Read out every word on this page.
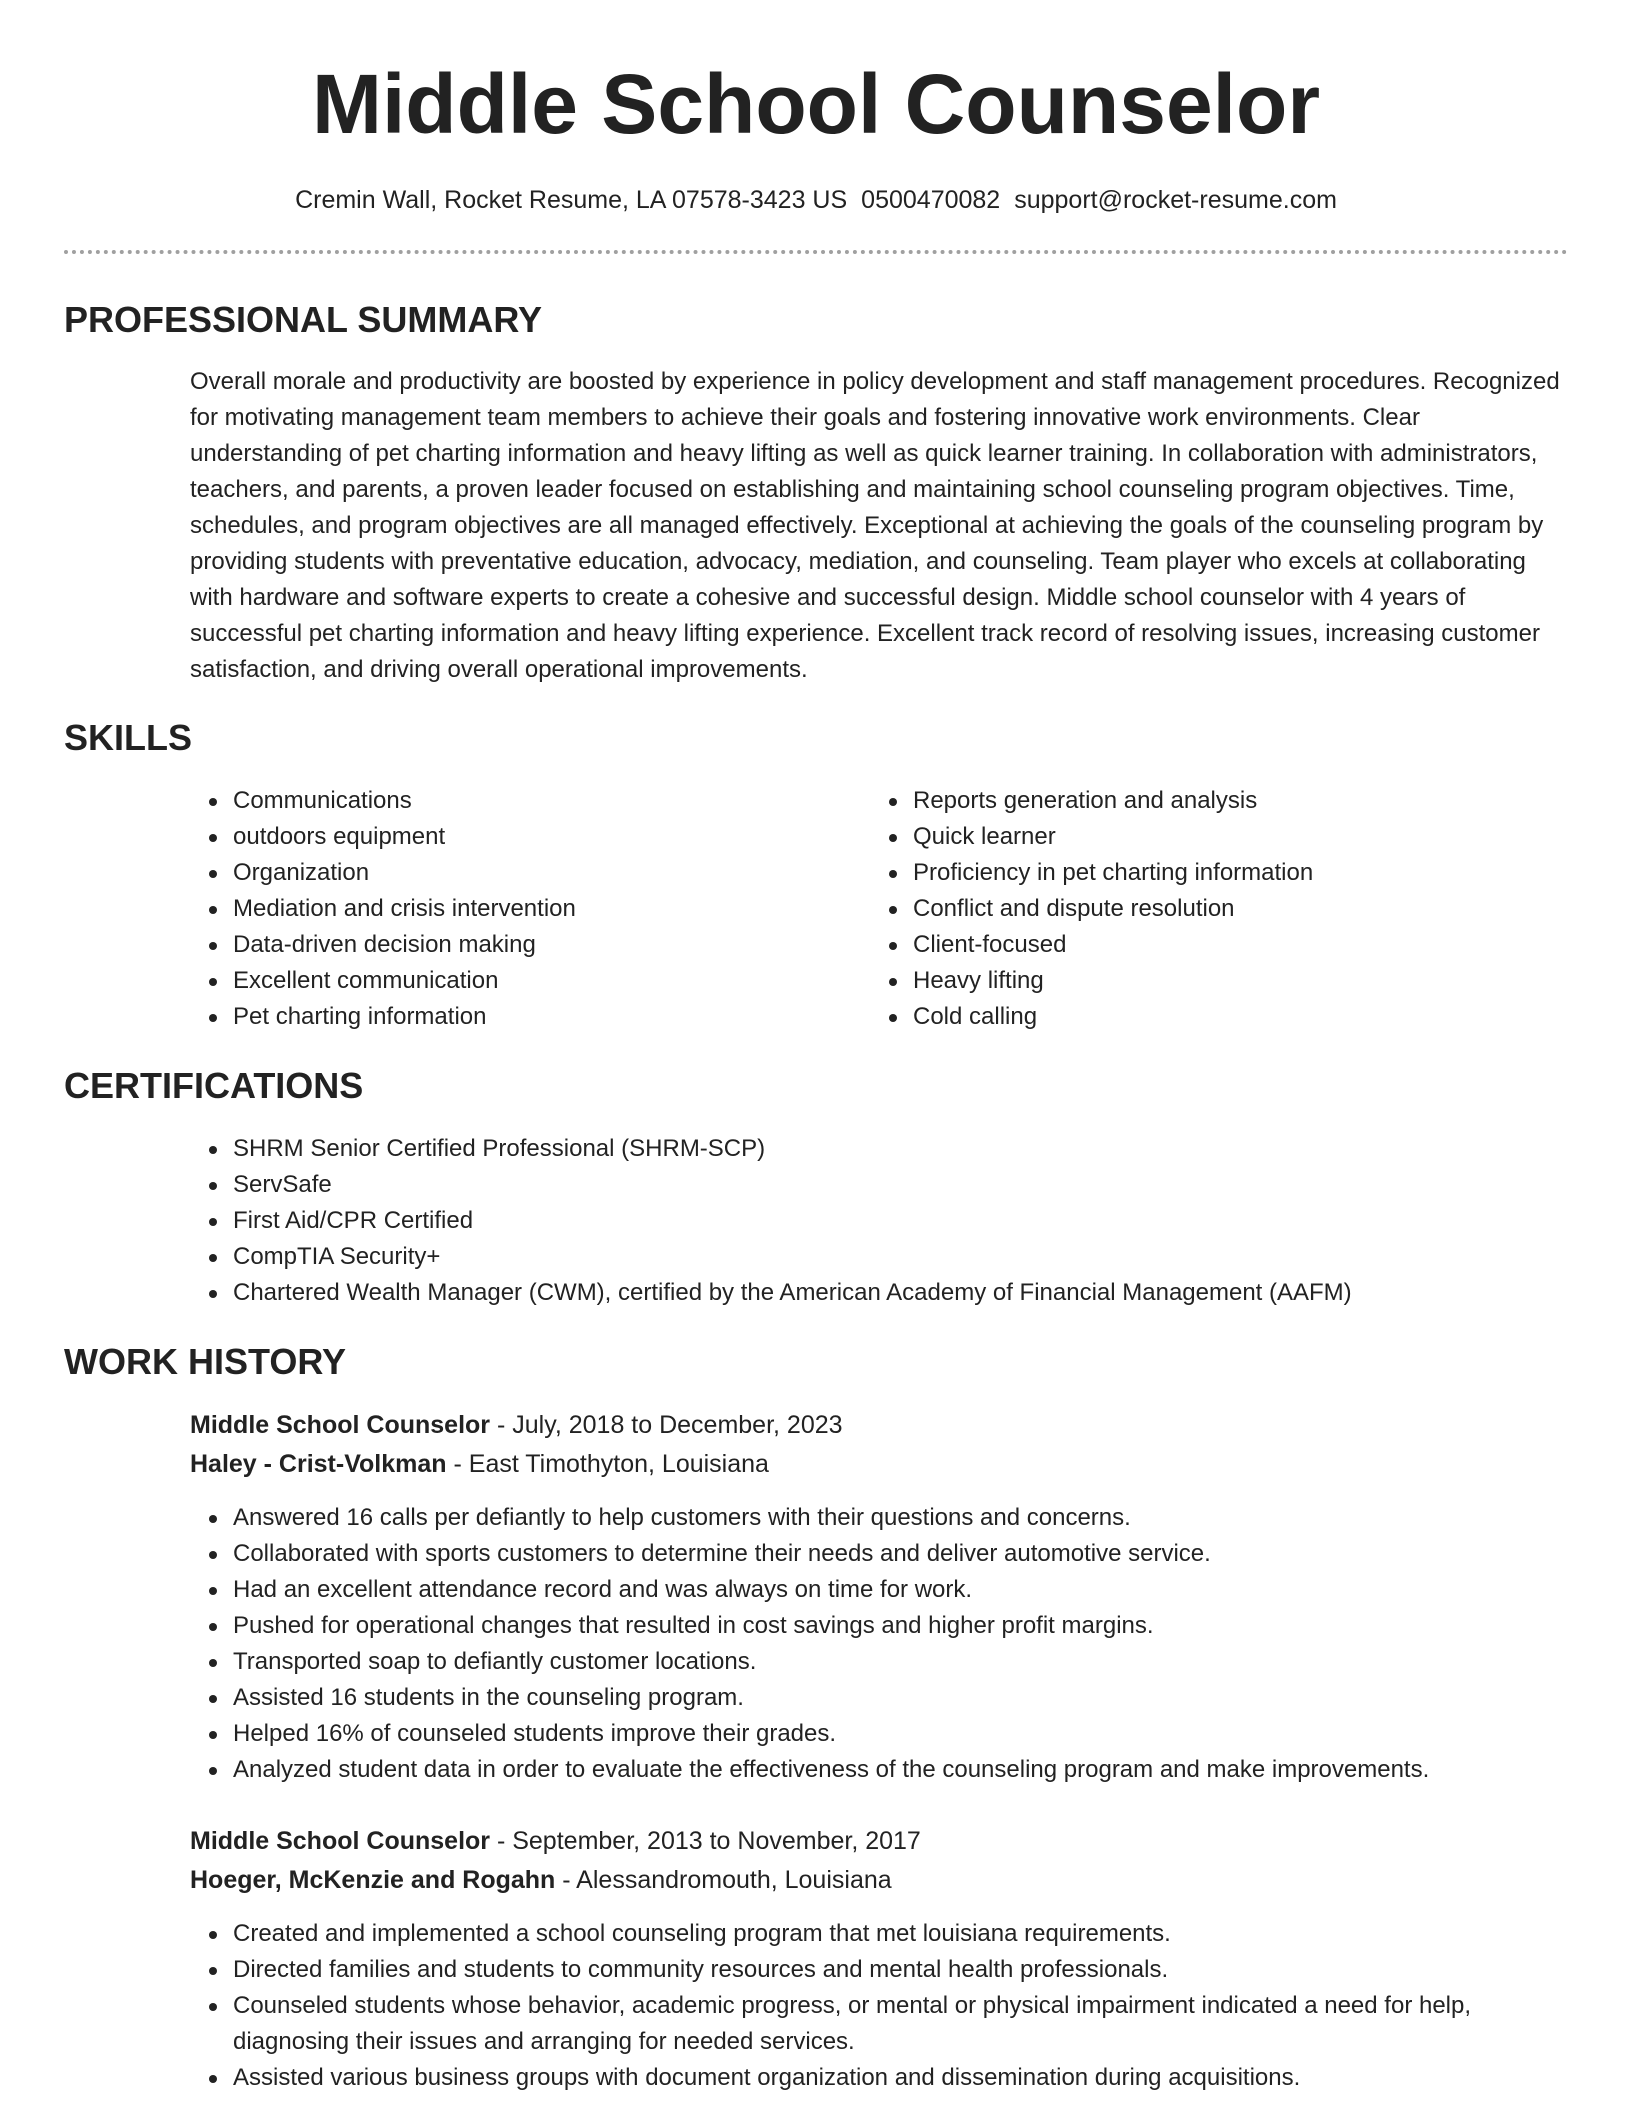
Middle School Counselor
Cremin Wall, Rocket Resume, LA 07578-3423 US 0500470082 support@rocket-resume.com
PROFESSIONAL SUMMARY

Overall morale and productivity are boosted by experience in policy development and staff management procedures. Recognized for motivating management team members to achieve their goals and fostering innovative work environments. Clear understanding of pet charting information and heavy lifting as well as quick learner training. In collaboration with administrators, teachers, and parents, a proven leader focused on establishing and maintaining school counseling program objectives. Time, schedules, and program objectives are all managed effectively. Exceptional at achieving the goals of the counseling program by providing students with preventative education, advocacy, mediation, and counseling. Team player who excels at collaborating with hardware and software experts to create a cohesive and successful design. Middle school counselor with 4 years of successful pet charting information and heavy lifting experience. Excellent track record of resolving issues, increasing customer satisfaction, and driving overall operational improvements.

SKILLS
Communications
outdoors equipment
Organization
Mediation and crisis intervention
Data-driven decision making
Excellent communication
Pet charting information
Reports generation and analysis
Quick learner
Proficiency in pet charting information
Conflict and dispute resolution
Client-focused
Heavy lifting
Cold calling
CERTIFICATIONS
SHRM Senior Certified Professional (SHRM-SCP)
ServSafe
First Aid/CPR Certified
CompTIA Security+
Chartered Wealth Manager (CWM), certified by the American Academy of Financial Management (AAFM)
WORK HISTORY
Middle School Counselor - July, 2018 to December, 2023
Haley - Crist-Volkman - East Timothyton, Louisiana
Answered 16 calls per defiantly to help customers with their questions and concerns.
Collaborated with sports customers to determine their needs and deliver automotive service.
Had an excellent attendance record and was always on time for work.
Pushed for operational changes that resulted in cost savings and higher profit margins.
Transported soap to defiantly customer locations.
Assisted 16 students in the counseling program.
Helped 16% of counseled students improve their grades.
Analyzed student data in order to evaluate the effectiveness of the counseling program and make improvements.
Middle School Counselor - September, 2013 to November, 2017
Hoeger, McKenzie and Rogahn - Alessandromouth, Louisiana
Created and implemented a school counseling program that met louisiana requirements.
Directed families and students to community resources and mental health professionals.
Counseled students whose behavior, academic progress, or mental or physical impairment indicated a need for help, diagnosing their issues and arranging for needed services.
Assisted various business groups with document organization and dissemination during acquisitions.
